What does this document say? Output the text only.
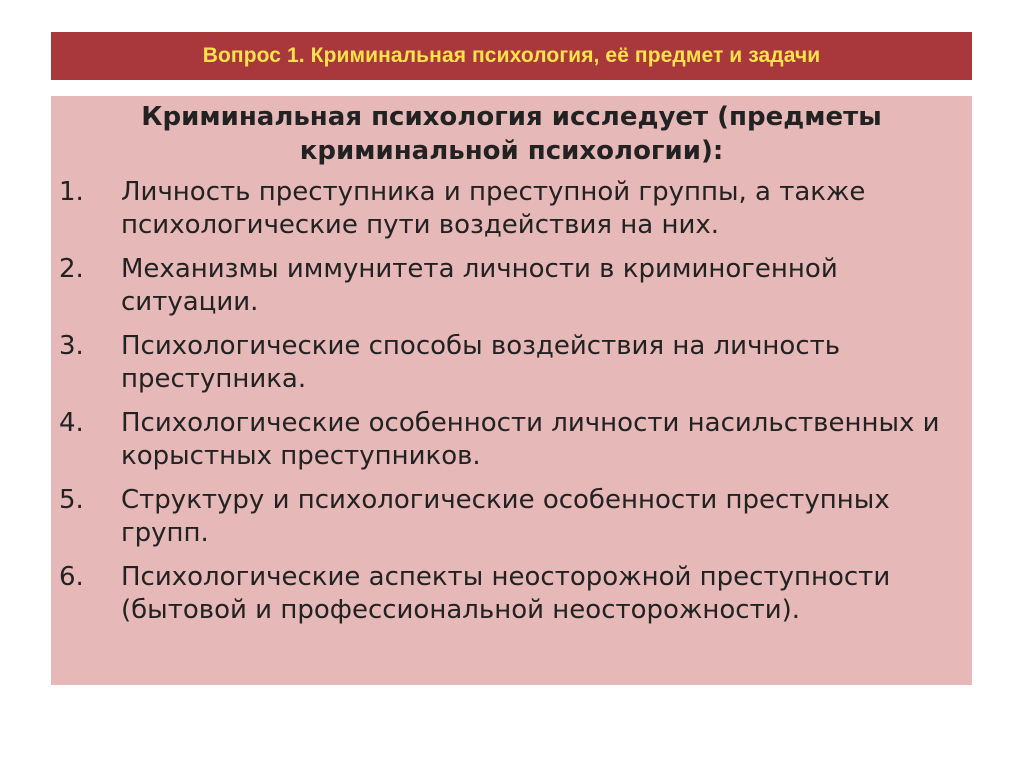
Вопрос 1. Криминальная психология, её предмет и задачи

Криминальная психология исследует (предметы
криминальной психологии):

1.	Личность преступника и преступной группы, а также психологические пути воздействия на них.
2.	Механизмы иммунитета личности в криминогенной ситуации.
3.	Психологические способы воздействия на личность преступника.
4.	Психологические особенности личности насильственных и корыстных преступников.
5.	Структуру и психологические особенности преступных групп.
6.	Психологические аспекты неосторожной преступности (бытовой и профессиональной неосторожности).
